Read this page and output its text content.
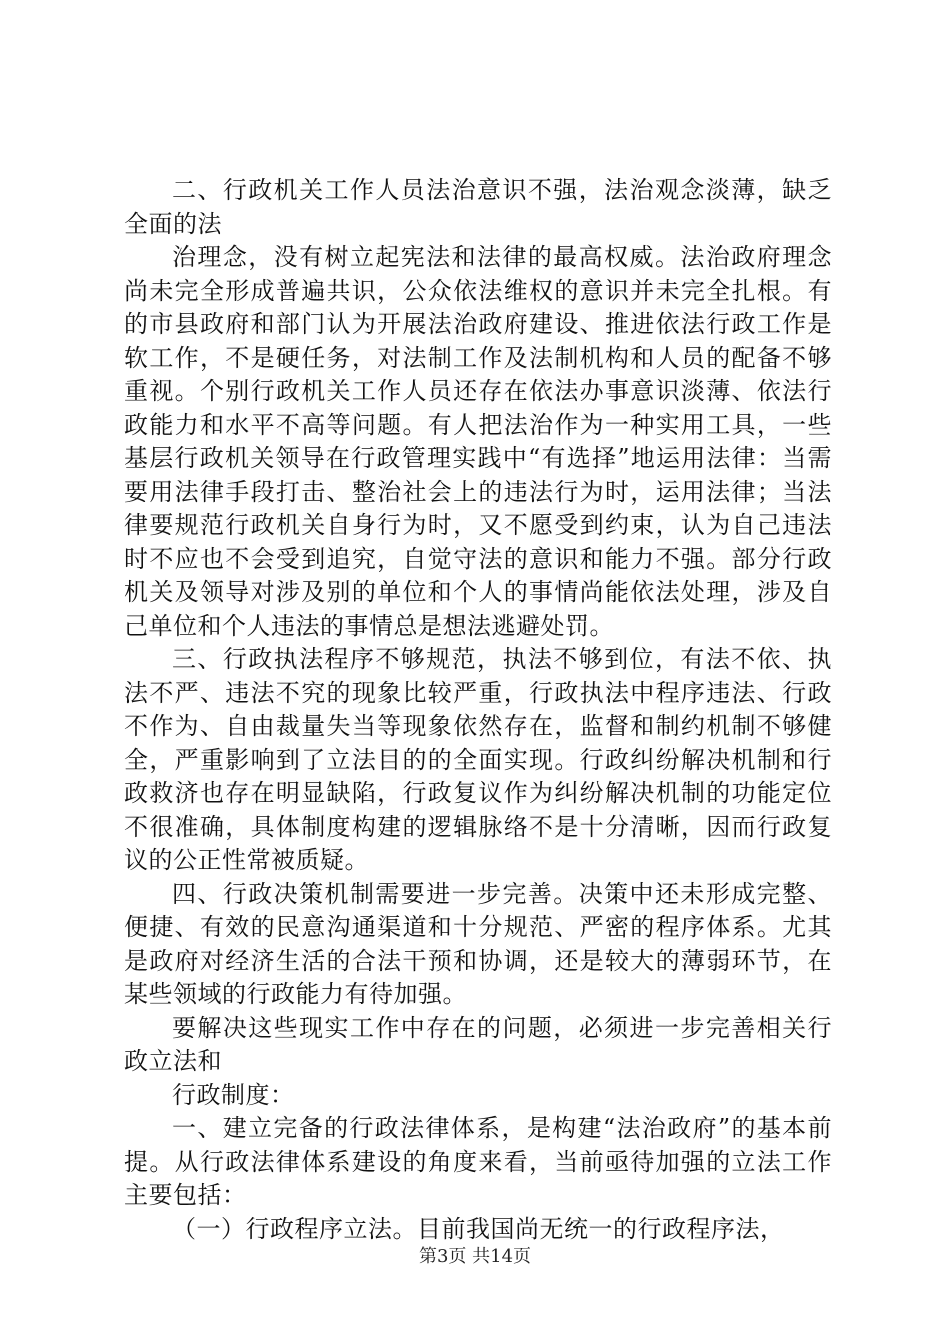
二、行政机关工作人员法治意识不强，法治观念淡薄，缺乏全面的法

治理念，没有树立起宪法和法律的最高权威。法治政府理念尚未完全形成普遍共识，公众依法维权的意识并未完全扎根。有的市县政府和部门认为开展法治政府建设、推进依法行政工作是软工作，不是硬任务，对法制工作及法制机构和人员的配备不够重视。个别行政机关工作人员还存在依法办事意识淡薄、依法行政能力和水平不高等问题。有人把法治作为一种实用工具，一些基层行政机关领导在行政管理实践中“有选择”地运用法律：当需要用法律手段打击、整治社会上的违法行为时，运用法律；当法律要规范行政机关自身行为时，又不愿受到约束，认为自己违法时不应也不会受到追究，自觉守法的意识和能力不强。部分行政机关及领导对涉及别的单位和个人的事情尚能依法处理，涉及自己单位和个人违法的事情总是想法逃避处罚。

三、行政执法程序不够规范，执法不够到位，有法不依、执法不严、违法不究的现象比较严重，行政执法中程序违法、行政不作为、自由裁量失当等现象依然存在，监督和制约机制不够健全，严重影响到了立法目的的全面实现。行政纠纷解决机制和行政救济也存在明显缺陷，行政复议作为纠纷解决机制的功能定位不很准确，具体制度构建的逻辑脉络不是十分清晰，因而行政复议的公正性常被质疑。

四、行政决策机制需要进一步完善。决策中还未形成完整、便捷、有效的民意沟通渠道和十分规范、严密的程序体系。尤其是政府对经济生活的合法干预和协调，还是较大的薄弱环节，在某些领域的行政能力有待加强。

要解决这些现实工作中存在的问题，必须进一步完善相关行政立法和

行政制度：

一、建立完备的行政法律体系，是构建“法治政府”的基本前提。从行政法律体系建设的角度来看，当前亟待加强的立法工作主要包括：

（一）行政程序立法。目前我国尚无统一的行政程序法，

第3页 共14页
